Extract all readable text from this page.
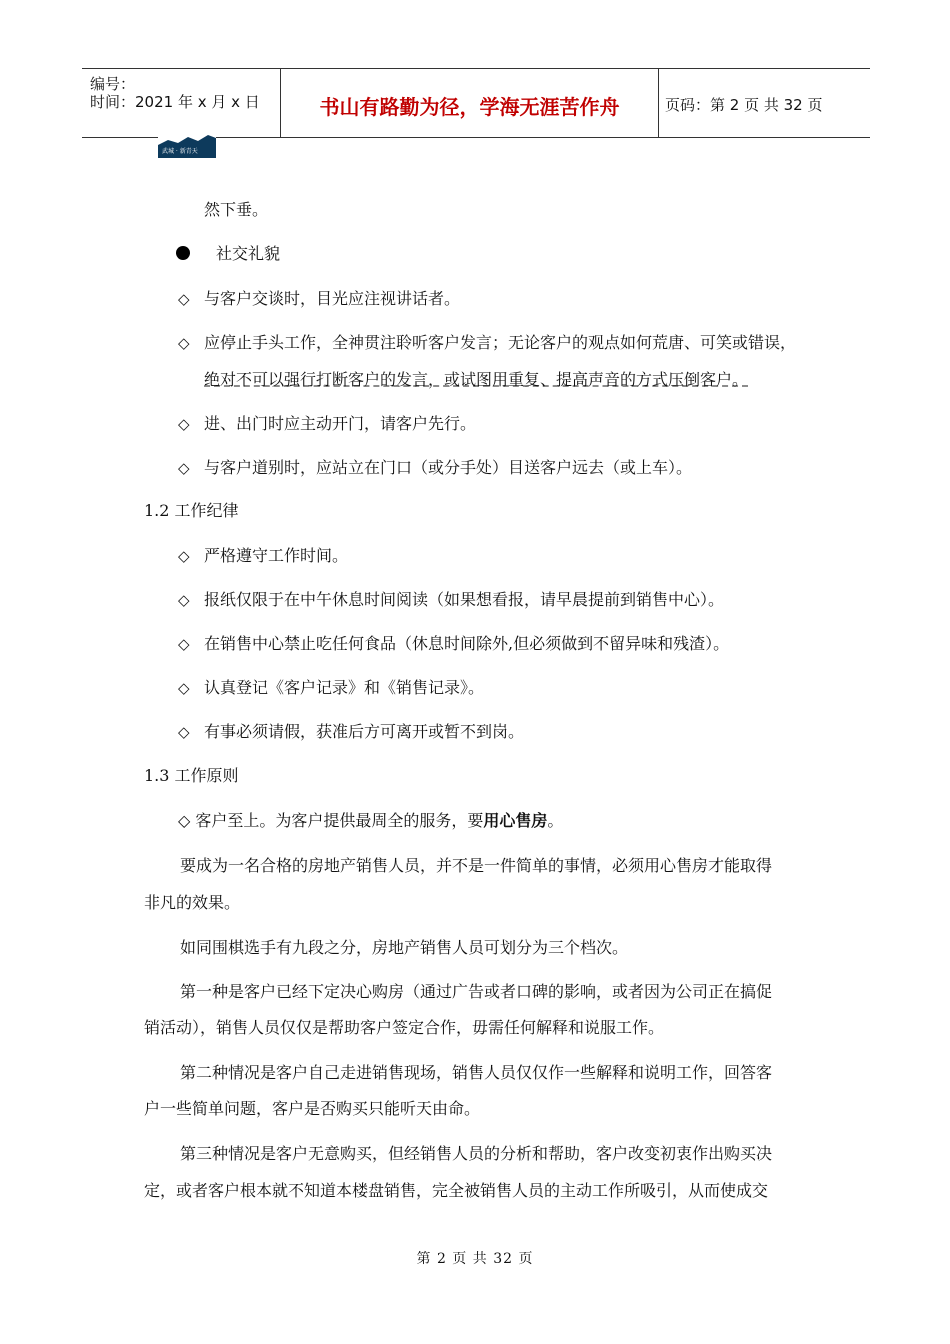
编号：
时间：2021 年 x 月 x 日	书山有路勤为径，学海无涯苦作舟	页码：第 2 页 共 32 页
武城 · 新青天
然下垂。
社交礼貌
◇ 与客户交谈时，目光应注视讲话者。
◇ 应停止手头工作，全神贯注聆听客户发言；无论客户的观点如何荒唐、可笑或错误，
绝对不可以强行打断客户的发言，或试图用重复、提高声音的方式压倒客户。
◇ 进、出门时应主动开门，请客户先行。
◇ 与客户道别时，应站立在门口（或分手处）目送客户远去（或上车）。
1.2 工作纪律
◇ 严格遵守工作时间。
◇ 报纸仅限于在中午休息时间阅读（如果想看报，请早晨提前到销售中心）。
◇ 在销售中心禁止吃任何食品（休息时间除外,但必须做到不留异味和残渣）。
◇ 认真登记《客户记录》和《销售记录》。
◇ 有事必须请假，获准后方可离开或暂不到岗。
1.3 工作原则
◇ 客户至上。为客户提供最周全的服务，要用心售房。
要成为一名合格的房地产销售人员，并不是一件简单的事情，必须用心售房才能取得
非凡的效果。
如同围棋选手有九段之分，房地产销售人员可划分为三个档次。
第一种是客户已经下定决心购房（通过广告或者口碑的影响，或者因为公司正在搞促
销活动），销售人员仅仅是帮助客户签定合作，毋需任何解释和说服工作。
第二种情况是客户自己走进销售现场，销售人员仅仅作一些解释和说明工作，回答客
户一些简单问题，客户是否购买只能听天由命。
第三种情况是客户无意购买，但经销售人员的分析和帮助，客户改变初衷作出购买决
定，或者客户根本就不知道本楼盘销售，完全被销售人员的主动工作所吸引，从而使成交
第 2 页 共 32 页
